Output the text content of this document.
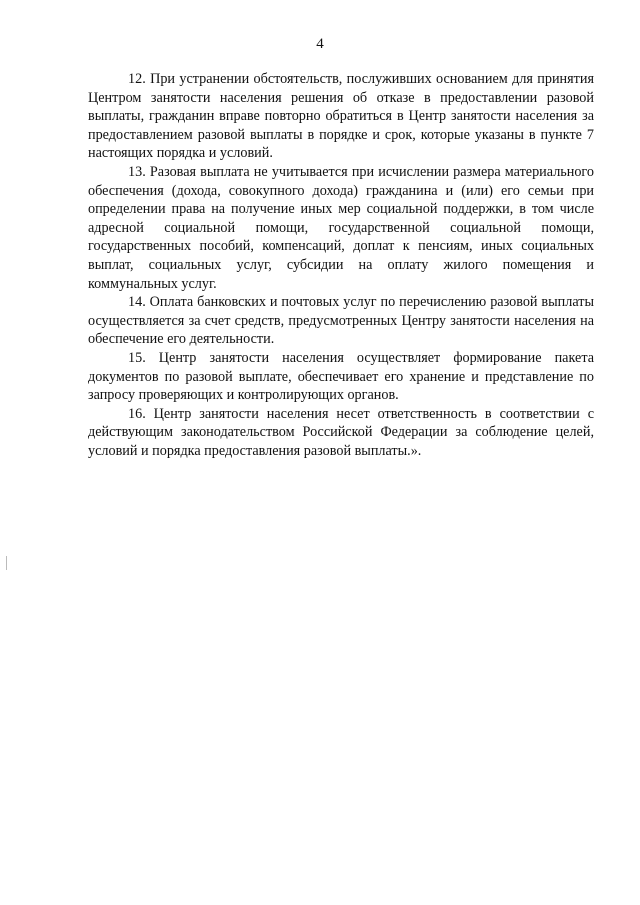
4

12. При устранении обстоятельств, послуживших основанием для принятия Центром занятости населения решения об отказе в предоставлении разовой выплаты, гражданин вправе повторно обратиться в Центр занятости населения за предоставлением разовой выплаты в порядке и срок, которые указаны в пункте 7 настоящих порядка и условий.

13. Разовая выплата не учитывается при исчислении размера материального обеспечения (дохода, совокупного дохода) гражданина и (или) его семьи при определении права на получение иных мер социальной поддержки, в том числе адресной социальной помощи, государственной социальной помощи, государственных пособий, компенсаций, доплат к пенсиям, иных социальных выплат, социальных услуг, субсидии на оплату жилого помещения и коммунальных услуг.

14. Оплата банковских и почтовых услуг по перечислению разовой выплаты осуществляется за счет средств, предусмотренных Центру занятости населения на обеспечение его деятельности.

15. Центр занятости населения осуществляет формирование пакета документов по разовой выплате, обеспечивает его хранение и представление по запросу проверяющих и контролирующих органов.

16. Центр занятости населения несет ответственность в соответствии с действующим законодательством Российской Федерации за соблюдение целей, условий и порядка предоставления разовой выплаты.».
